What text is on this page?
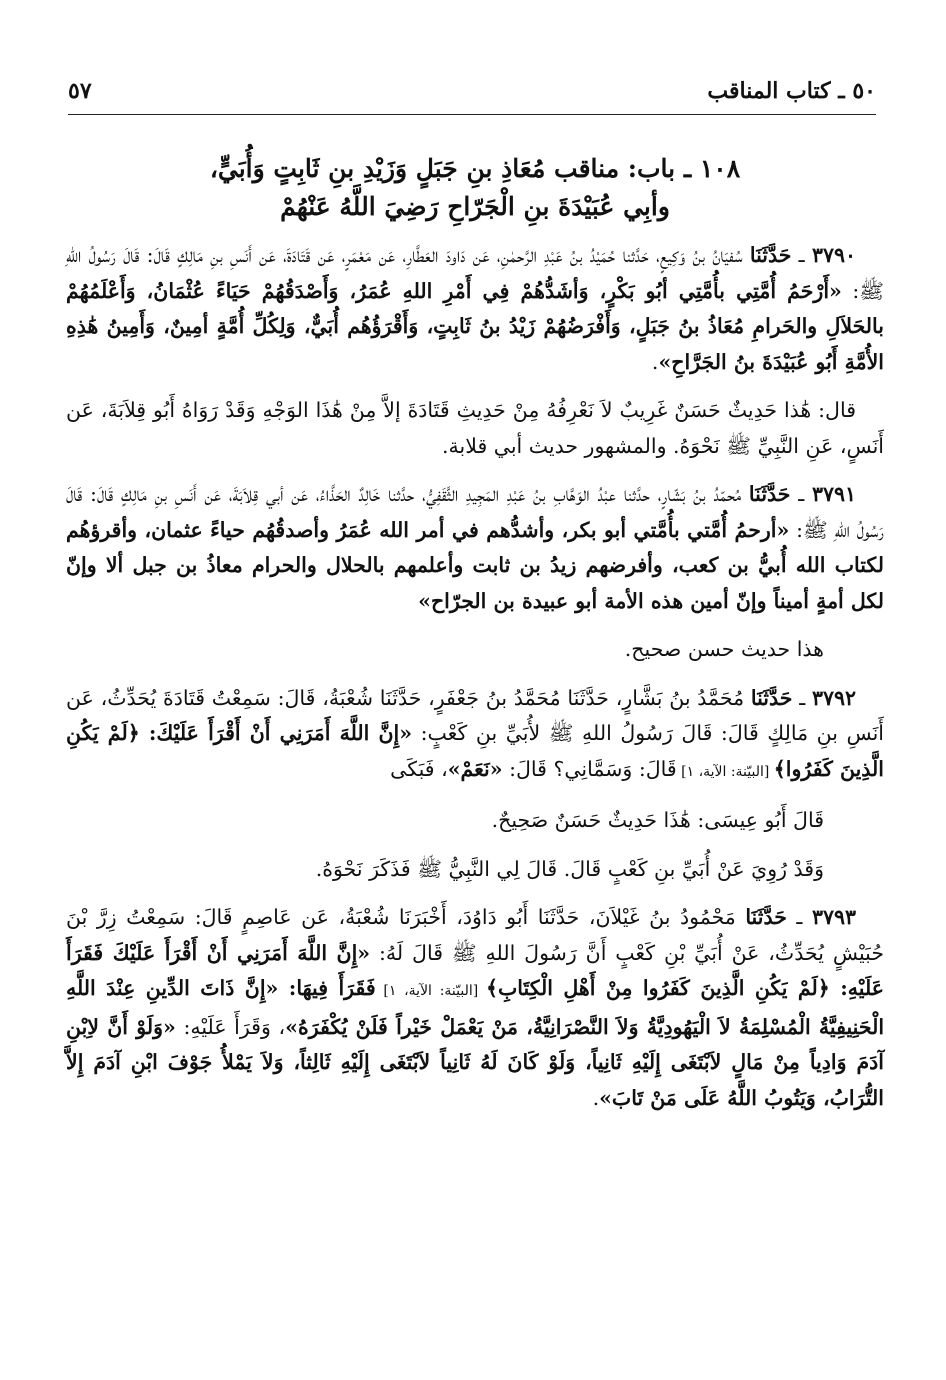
٥٠ ـ كتاب المناقب
٥٧
١٠٨ ـ باب: مناقب مُعَاذِ بنِ جَبَلٍ وَزَيْدِ بنِ ثَابِتٍ وَأُبَيٍّ،
وأبِي عُبَيْدَةَ بنِ الْجَرّاحِ رَضِيَ اللَّهُ عَنْهُمْ

٣٧٩٠ ـ حَدَّثَنَا سُفيَانُ بنُ وَكِيعٍ، حَدَّثنا حُمَيْدُ بنُ عَبْدِ الرَّحمٰنِ، عَن دَاودَ العَطَّارِ، عَن مَعْمَرٍ، عَن قَتَادَةَ، عَن أَنَسِ بنِ مَالِكٍ قَالَ: قَالَ رَسُولُ اللهِ ﷺ: «أَرْحَمُ أُمَّتِي بأُمَّتِي أبُو بَكْرٍ، وَأشَدُّهُمْ فِي أَمْرِ اللهِ عُمَرُ، وَأَصْدَقُهُمْ حَيَاءً عُثْمَانُ، وَأَعْلَمُهُمْ بالحَلاَلِ والحَرامِ مُعَاذُ بنُ جَبَلٍ، وَأَفْرَضُهُمْ زَيْدُ بنُ ثَابِتٍ، وَأَقْرَؤُهُم أُبَيٌّ، وَلِكُلِّ أُمَّةٍ أمِينٌ، وَأَمِينُ هَٰذِهِ الأُمَّةِ أَبُو عُبَيْدَةَ بنُ الجَرَّاحِ».

قال: هَٰذا حَدِيثٌ حَسَنٌ غَرِيبٌ لاَ نَعْرِفُهُ مِنْ حَدِيثِ قَتَادَةَ إلاَّ مِنْ هَٰذَا الوَجْهِ وَقَدْ رَوَاهُ أَبُو قِلاَبَةَ، عَن أَنَسٍ، عَنِ النَّبِيِّ ﷺ نَحْوَهُ. والمشهور حديث أبي قلابة.

٣٧٩١ ـ حَدَّثَنَا مُحمّدُ بنُ بَشّارٍ، حدَّثنا عبْدُ الوَهَّابِ بنُ عَبْدِ المَجِيدِ الثَّقَفِيُّ، حدَّثنا خَالِدٌ الحَذَّاءُ، عَن أبي قِلاَبَةَ، عَن أَنَسِ بنِ مَالِكٍ قَالَ: قَالَ رَسُولُ اللهِ ﷺ: «أرحمُ أُمَّتي بأُمَّتي أبو بكر، وأشدُّهم في أمر الله عُمَرُ وأصدقُهُم حياءً عثمان، وأقرؤهُم لكتاب الله أُبيُّ بن كعب، وأفرضهم زيدُ بن ثابت وأعلمهم بالحلال والحرام معاذُ بن جبل ألا وإنّ لكل أمةٍ أميناً وإنّ أمين هذه الأمة أبو عبيدة بن الجرّاح»

هذا حديث حسن صحيح.

٣٧٩٢ ـ حَدَّثَنَا مُحَمَّدُ بنُ بَشَّارٍ، حَدَّثَنَا مُحَمَّدُ بنُ جَعْفَرٍ، حَدَّثَنَا شُعْبَةُ، قَالَ: سَمِعْتُ قَتَادَةَ يُحَدِّثُ، عَن أَنَسِ بنِ مَالِكٍ قَالَ: قَالَ رَسُولُ اللهِ ﷺ لأُبَيِّ بنِ كَعْبٍ: «إِنَّ اللَّهَ أَمَرَنِي أَنْ أَقْرَأَ عَلَيْكَ: ﴿لَمْ يَكُنِ الَّذِينَ كَفَرُوا﴾ [البيّنة: الآية، ١] قَالَ: وَسَمَّانِي؟ قَالَ: «نَعَمْ»، فَبَكَى

قَالَ أَبُو عِيسَى: هَٰذَا حَدِيثٌ حَسَنٌ صَحِيحٌ.

وَقَدْ رُوِيَ عَنْ أُبَيِّ بنِ كَعْبٍ قَالَ. قَالَ لِي النَّبِيُّ ﷺ فَذَكَرَ نَحْوَهُ.

٣٧٩٣ ـ حَدَّثَنَا مَحْمُودُ بنُ غَيْلاَنَ، حَدَّثَنَا أَبُو دَاوُدَ، أَخْبَرَنَا شُعْبَةُ، عَن عَاصِمٍ قَالَ: سَمِعْتُ زِرَّ بْنَ حُبَيْشٍ يُحَدِّثُ، عَنْ أُبَيِّ بْنِ كَعْبٍ أَنَّ رَسُولَ اللهِ ﷺ قَالَ لَهُ: «إِنَّ اللَّهَ أَمَرَنِي أَنْ أَقْرَأَ عَلَيْكَ فَقَرَأَ عَلَيْهِ: ﴿لَمْ يَكُنِ الَّذِينَ كَفَرُوا مِنْ أَهْلِ الْكِتَابِ﴾ [البيّنة: الآية، ١] فَقَرَأَ فِيهَا: «إِنَّ ذَاتَ الدِّينِ عِنْدَ اللَّهِ الْحَنِيفِيَّةُ الْمُسْلِمَةُ لاَ الْيَهُودِيَّةُ وَلاَ النَّصْرَانِيَّةُ، مَنْ يَعْمَلْ خَيْراً فَلَنْ يُكْفَرَهُ»، وَقَرَأَ عَلَيْهِ: «وَلَوْ أَنَّ لاِبْنِ آدَمَ وَادِياً مِنْ مَالٍ لاَبْتَغَى إِلَيْهِ ثَانِياً، وَلَوْ كَانَ لَهُ ثَانِياً لاَبْتَغَى إِلَيْهِ ثَالِثاً، وَلاَ يَمْلأُ جَوْفَ ابْنِ آدَمَ إِلاَّ التُّرَابُ، وَيَتُوبُ اللَّهُ عَلَى مَنْ تَابَ».
